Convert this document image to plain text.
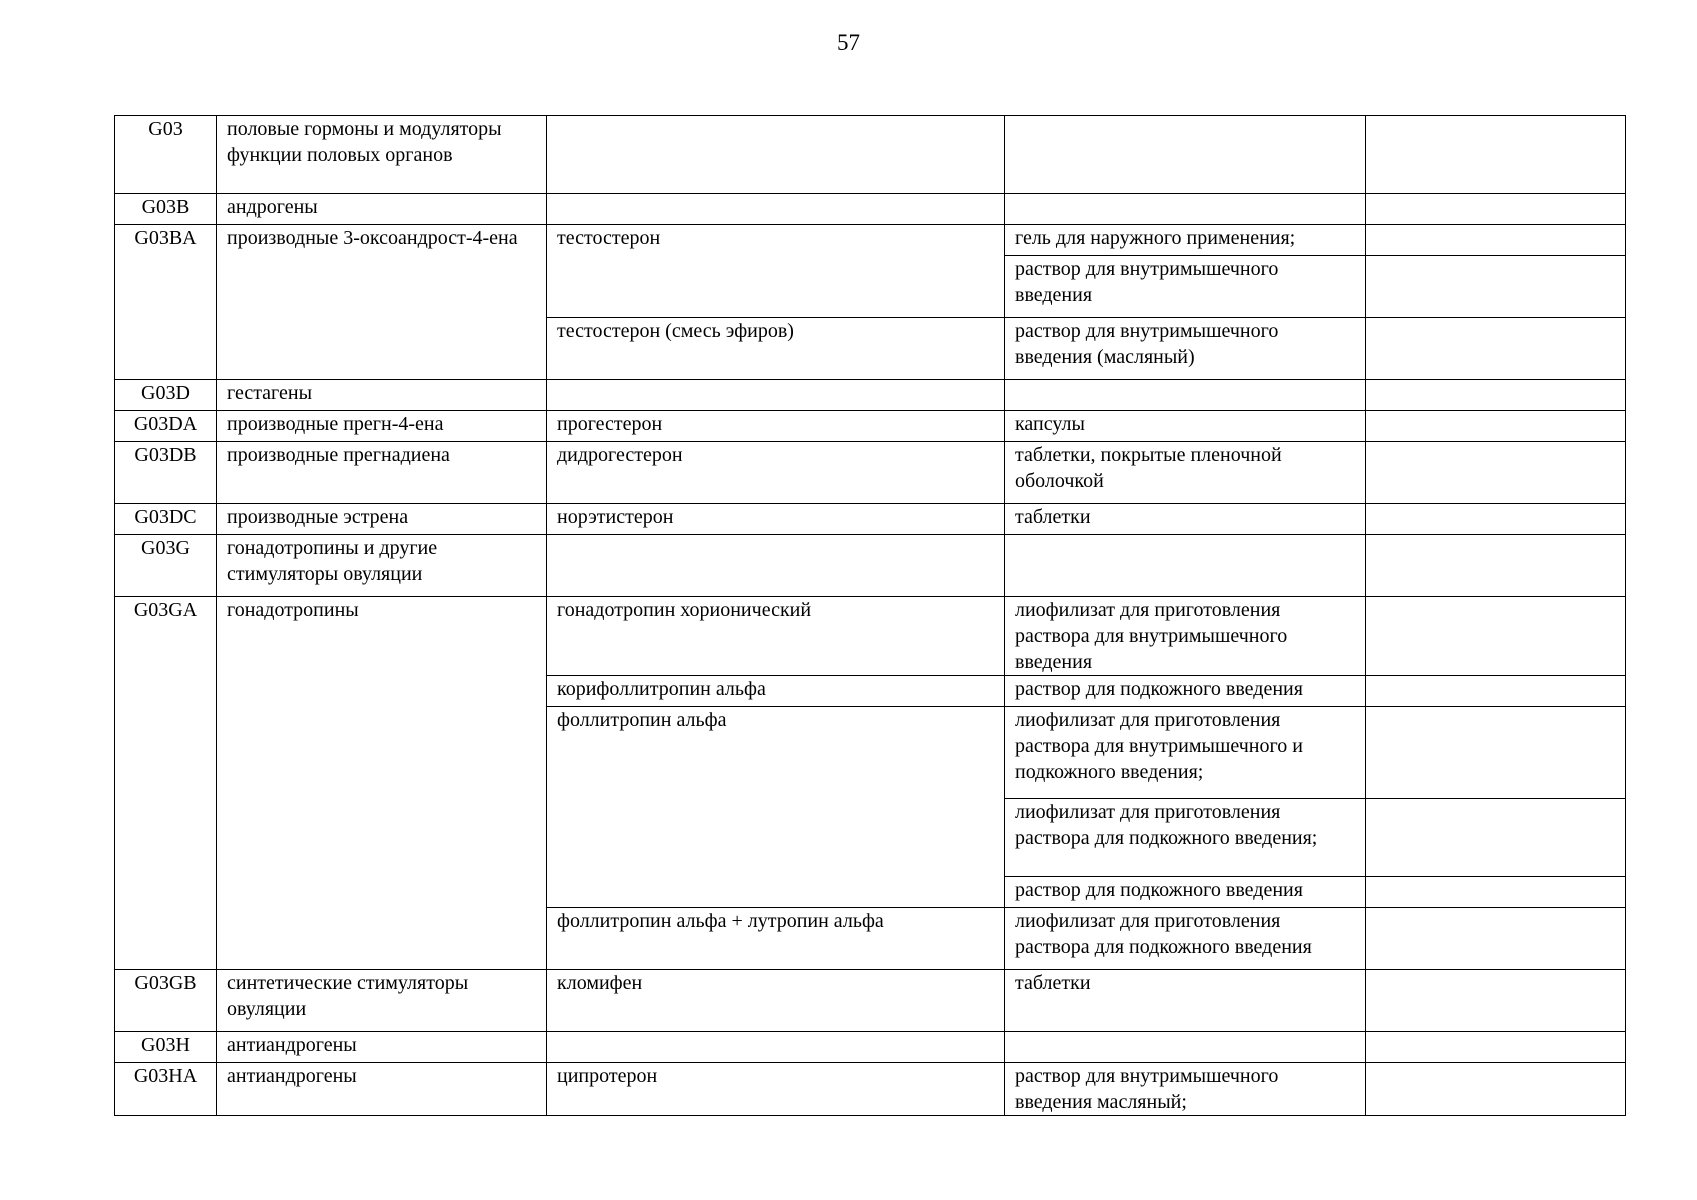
57
G03	половые гормоны и модуляторы функции половых органов			
G03B	андрогены			
G03BA	производные 3-оксоандрост-4-ена	тестостерон	гель для наружного применения;	
			раствор для внутримышечного введения	
		тестостерон (смесь эфиров)	раствор для внутримышечного введения (масляный)	
G03D	гестагены			
G03DA	производные прегн-4-ена	прогестерон	капсулы	
G03DB	производные прегнадиена	дидрогестерон	таблетки, покрытые пленочной оболочкой	
G03DC	производные эстрена	норэтистерон	таблетки	
G03G	гонадотропины и другие стимуляторы овуляции			
G03GA	гонадотропины	гонадотропин хорионический	лиофилизат для приготовления раствора для внутримышечного введения	
		корифоллитропин альфа	раствор для подкожного введения	
		фоллитропин альфа	лиофилизат для приготовления раствора для внутримышечного и подкожного введения;	
			лиофилизат для приготовления раствора для подкожного введения;	
			раствор для подкожного введения	
		фоллитропин альфа + лутропин альфа	лиофилизат для приготовления раствора для подкожного введения	
G03GB	синтетические стимуляторы овуляции	кломифен	таблетки	
G03H	антиандрогены			
G03HA	антиандрогены	ципротерон	раствор для внутримышечного введения масляный;	
